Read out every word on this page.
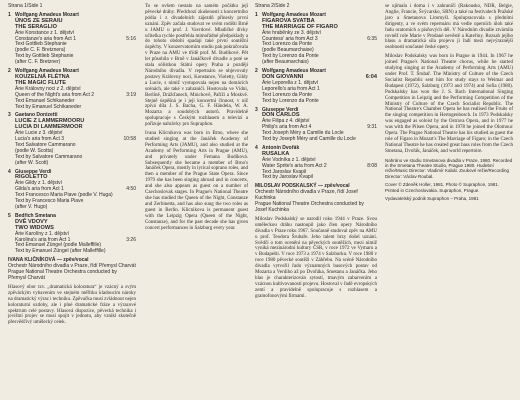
Strana 1/Side 1
1 Wolfgang Amadeus Mozart
ÚNOS ZE SERAIU
THE SERAGLIO
Árie Konstance z 1. dějství
Constanze's aria from Act 1	5:16
Text Gottlieb Stephanie
(podle C. F. Bretznera)
Text by Gottlieb Stephanie
(after C. F. Bretzner)
2 Wolfgang Amadeus Mozart
KOUZELNÁ FLÉTNA
THE MAGIC FLUTE
Árie Královny noci z 2. dějství
Queen of the Night's aria from Act 2	3:19
Text Emanuel Schikaneder
Text by Emanuel Schikaneder
3 Gaetano Donizetti
LUCIE Z LAMMERMOORU
LUCIA DI LAMMERMOOR
Árie Lucie z 3. dějství
Lucia's aria from Act 3	10:58
Text Salvatore Cammarano
(podle W. Scotta)
Text by Salvatore Cammarano
(after W. Scott)
4 Giuseppe Verdi
RIGOLETTO
Árie Gildy z 1. dějství
Gilda's aria from Act 1	4:50
Text Francesco Maria Piave (podle V. Huga)
Text by Francesco Maria Piave
(after V. Hugo)
5 Bedřich Smetana
DVĚ VDOVY
TWO WIDOWS
Árie Karolíny z 1. dějství
Karolina's aria from Act 1	3:26
Text Emanuel Züngel (podle Malleffille)
Text by Emanuel Züngel (after Malleffille)
IVANA KLIČNÍKOVÁ — zpěv/vocal
Orchestr Národního divadla v Praze, řídí Přemysl Charvát
Prague National Theatre Orchestra conducted by Přemysl Charvát

Hlasový obor tzv. „dramatická koloratura“ je vzácný a svým zpěváckým vybavením ve stejném měřítku kladoucím nároky na dramatický výraz i techniku. Zpěvačka musí zvládnout nejen koloraturní ozdoby, ale i plné dramatické fráze a výrazové spektrum celé postavy. Hlasová dispozice, pěvecká technika i jevištní projev se musí spojit v jednotu, aby vznikl skutečně přesvědčivý umělecký celek.

To se ovšem nestalo na samém počátku její pěvecké dráhy. Předchozí zkušenosti z koncertního pódia i z divadelních zájezdů přinesly první uznání. Zpěv začala studovat ve svém rodišti Brně u JAMU u prof. J. Vavrdové. Mladičké dívky učitelka rychle postřehla mimořádné předpoklady a do tohoto období spadají také první soutěžní úspěchy. V konzervatorním studiu pak pokračovala v Praze na AMU ve třídě prof. M. Budíkové. Pět let působila v Brně v Janáčkově divadle a poté se stala sólistkou Státní opery Praha a později Národního divadla. V repertoáru se objevovaly postavy Královny noci, Konstance, Violetty, Gildy a Lucie, s nimiž vystupovala nejen na domácích scénách, ale také v zahraničí. Hostovala ve Vídni, Berlíně, Drážďanech, Mnichově, Paříži a Moskvě. Stejně úspěšná je i její koncertní činnost, v níž zpívá díla J. S. Bacha, G. F. Händela, W. A. Mozarta a soudobých autorů. Pravidelně spolupracuje s Českým rozhlasem a televizí a pořizuje nahrávky pro Supraphon.

Ivana Klicnikova was born in Brno, where she studied singing at the Janáček Academy of Performing Arts (JAMU), and also studied at the Academy of Performing Arts in Prague (AMU), and privately under Femana Budíková. Subsequently she became a member of Brno's Janáček Opera, mostly in lyrical soprano roles, and then a member of the Prague State Opera. Since 1979 she has been singing abroad and in concerts, and she also appears as guest on a number of Czechoslovak stages. In Prague's National Theatre she has studied the Queen of the Night, Constanze and Zerbinetta, and has also sung the two roles as guest in Berlin. Klicnikova is permanent guest with the Leipzig Opera (Queen of the Night, Constanze), and for the past decade she has given concert performances in Salzburg every year.

Strana 2/Side 2
1 Wolfgang Amadeus Mozart
FIGAROVA SVATBA
THE MARRIAGE OF FIGARO
Árie hraběnky ze 3. dějství
Countess' aria from Act 3	6:35
Text Lorenzo da Ponte
(podle Beaumarchaise)
Text by Lorenzo da Ponte
(after Beaumarchais)
2 Wolfgang Amadeus Mozart
DON GIOVANNI	6:04
Árie Leporella z 1. dějství
Leporello's aria from Act 1
Text Lorenzo da Ponte
Text by Lorenzo da Ponte
3 Giuseppe Verdi
DON CARLOS
Árie Filipa z 4. dějství
Philip's aria from Act 4	9:31
Text Joseph Méry a Camille du Locle
Text by Joseph Méry and Camille du Locle
4 Antonín Dvořák
RUSALKA
Árie Vodníka z 1. dějství
Water Sprite's aria from Act 2	8:08
Text Jaroslav Kvapil
Text by Jaroslav Kvapil
MILOSLAV PODSKALSKÝ — zpěv/vocal
Orchestr Národního divadla v Praze, řídí Josef Kuchinka
Prague National Theatre Orchestra conducted by Josef Kuchinka

Miloslav Podskalský se narodil roku 1944 v Praze. Svou uměleckou dráhu nastoupil jako člen opery Národního divadla v Praze roku 1967. Současně studoval zpěv na AMU u prof. Teodora Šrubaře. Jeho talent brzy došel uznání. Svědčí o tom ocenění na pěveckých soutěžích, mezi nimiž vyniká mezinárodní kultury ČSR, v roce 1972 ve Vymaru a v Budapešti. V roce 1973 a 1974 v Salzburku. V roce 1980 v roce 1980 pěvecké soutěži v Záhřebu. Na scéně Národního divadla vytvořil řadu významných basových postav od Mozarta a Verdiho až po Dvořáka, Smetanu a Janáčka. Jeho hlas je charakterizován sytostí, tmavým zabarvením a vzácnou kultivovaností projevu. Hostoval v řadě evropských zemí a pravidelně spolupracuje s rozhlasem a gramofonovými firmami.

se ujímala i doma i v zahraničí (Rakousko, NDR, Belgie, Anglie, Francie, Švýcarsko, SRN) a také na festivalech Pražské jaro a Smetanova Litomyšl. Spolupracovala s předními dirigenty, a ve svém repertoáru má vedle operních úloh také řadu oratorních a písňových děl. V Národním divadle ztvárnila rovněž role Marie v Prodané nevěstě a Kateřiny. Rozsah jejího hlasu a dramatická síla projevu ji řadí mezi nejvýraznější osobnosti současné české opery.

Miloslav Podskalsky was born in Prague in 1944. In 1967 he joined Prague's National Theatre chorus, while he started studying singing at the Academy of Performing Arts (AMU) under Prof. T. Šrubař. The Ministry of Culture of the Czech Socialist Republic sent him for study stays to Weimar and Budapest (1972), Salzburg (1973 and 1974) and Sofia (1980). Podskalsky has won the J. S. Bach International Singing Competition in Leipzig and the Performing Competition of the Ministry of Culture of the Czech Socialist Republic. The National Theatre's Chamber Opera he has realised the Fruits of the singing competition in Hertogenbosch. In 1973 Podskalsky was engaged as soloist by the Ostrava Opera, and in 1977 he was with the Pilsen Opera, and in 1978 he joined the Olomouc Opera. The Prague National Theatre has his studied as guest the role of Figaro in Mozart's The Marriage of Figaro; in the Czech National Theatre he has created great bass roles from the Czech Smetana, Dvořák, Janáček, and world repertoire.

Nahráno ve studiu Smetanova divadla v Praze, 1980. Recorded in the Smetana Theatre Studio, Prague 1980. Hudební režie/Music Director: Vladimír Kabát. Zvukové režie/Recording Director: Václav Roubal.
Cover © Zdeněk Holler, 1981. Photo © Supraphon, 1981. Printed in Czechoslovakia. Supraphon, Prague.
Vydavatelský podnik Supraphon – Praha, 1981
